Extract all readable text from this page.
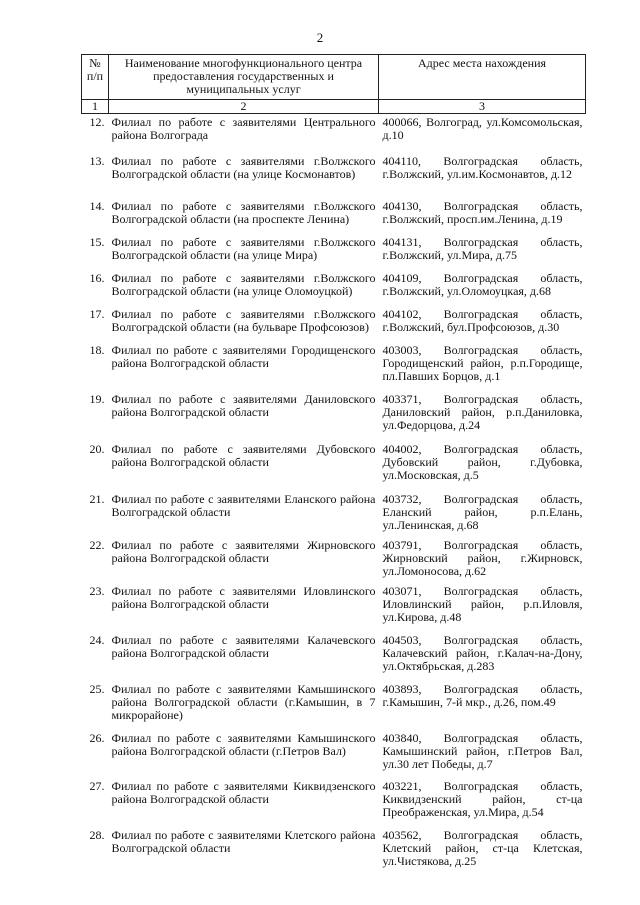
2
№ п/п	Наименование многофункционального центра предоставления государственных и муниципальных услуг	Адрес места нахождения
1	2	3
12.	Филиал по работе с заявителями Центрального района Волгограда	400066, Волгоград, ул.Комсомольская, д.10
13.	Филиал по работе с заявителями г.Волжского Волгоградской области (на улице Космонавтов)	404110, Волгоградская область, г.Волжский, ул.им.Космонавтов, д.12
14.	Филиал по работе с заявителями г.Волжского Волгоградской области (на проспекте Ленина)	404130, Волгоградская область, г.Волжский, просп.им.Ленина, д.19
15.	Филиал по работе с заявителями г.Волжского Волгоградской области (на улице Мира)	404131, Волгоградская область, г.Волжский, ул.Мира, д.75
16.	Филиал по работе с заявителями г.Волжского Волгоградской области (на улице Оломоуцкой)	404109, Волгоградская область, г.Волжский, ул.Оломоуцкая, д.68
17.	Филиал по работе с заявителями г.Волжского Волгоградской области (на бульваре Профсоюзов)	404102, Волгоградская область, г.Волжский, бул.Профсоюзов, д.30
18.	Филиал по работе с заявителями Городищенского района Волгоградской области	403003, Волгоградская область, Городищенский район, р.п.Городище, пл.Павших Борцов, д.1
19.	Филиал по работе с заявителями Даниловского района Волгоградской области	403371, Волгоградская область, Даниловский район, р.п.Даниловка, ул.Федорцова, д.24
20.	Филиал по работе с заявителями Дубовского района Волгоградской области	404002, Волгоградская область, Дубовский район, г.Дубовка, ул.Московская, д.5
21.	Филиал по работе с заявителями Еланского района Волгоградской области	403732, Волгоградская область, Еланский район, р.п.Елань, ул.Ленинская, д.68
22.	Филиал по работе с заявителями Жирновского района Волгоградской области	403791, Волгоградская область, Жирновский район, г.Жирновск, ул.Ломоносова, д.62
23.	Филиал по работе с заявителями Иловлинского района Волгоградской области	403071, Волгоградская область, Иловлинский район, р.п.Иловля, ул.Кирова, д.48
24.	Филиал по работе с заявителями Калачевского района Волгоградской области	404503, Волгоградская область, Калачевский район, г.Калач-на-Дону, ул.Октябрьская, д.283
25.	Филиал по работе с заявителями Камышинского района Волгоградской области (г.Камышин, в 7 микрорайоне)	403893, Волгоградская область, г.Камышин, 7-й мкр., д.26, пом.49
26.	Филиал по работе с заявителями Камышинского района Волгоградской области (г.Петров Вал)	403840, Волгоградская область, Камышинский район, г.Петров Вал, ул.30 лет Победы, д.7
27.	Филиал по работе с заявителями Киквидзенского района Волгоградской области	403221, Волгоградская область, Киквидзенский район, ст-ца Преображенская, ул.Мира, д.54
28.	Филиал по работе с заявителями Клетского района Волгоградской области	403562, Волгоградская область, Клетский район, ст-ца Клетская, ул.Чистякова, д.25
